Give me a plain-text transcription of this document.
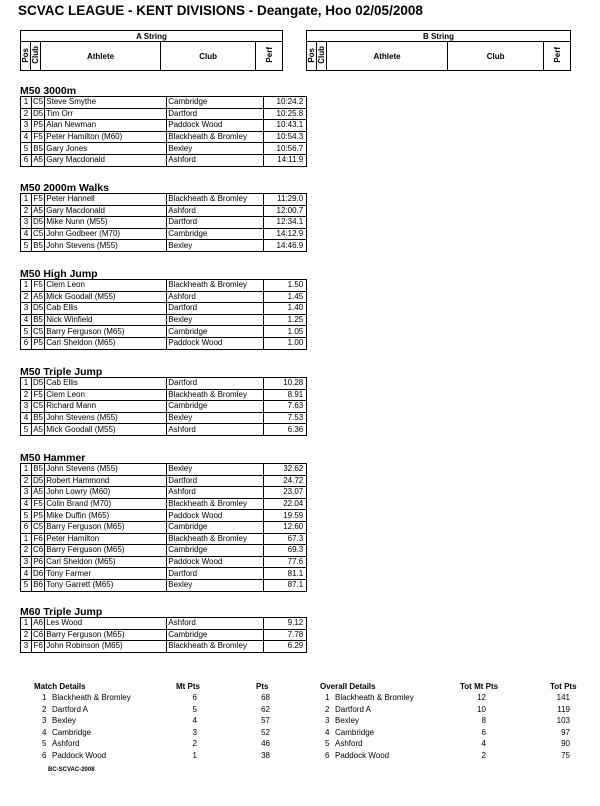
SCVAC LEAGUE - KENT DIVISIONS - Deangate, Hoo 02/05/2008
A String
Pos	Club	Athlete	Club	Perf
B String
Pos	Club	Athlete	Club	Perf
M50 3000m
1	C5	Steve Smythe	Cambridge	10:24.2
2	D5	Tim Orr	Dartford	10:25.8
3	P5	Alan Newman	Paddock Wood	10:43.1
4	F5	Peter Hamilton (M60)	Blackheath & Bromley	10:54.3
5	B5	Gary Jones	Bexley	10:56.7
6	A5	Gary Macdonald	Ashford	14:11.9
M50 2000m Walks
1	F5	Peter Hannell	Blackheath & Bromley	11:29.0
2	A5	Gary Macdonald	Ashford	12:00.7
3	D5	Mike Nunn (M55)	Dartford	12:34.1
4	C5	John Godbeer (M70)	Cambridge	14:12.9
5	B5	John Stevens (M55)	Bexley	14:46.9
M50 High Jump
1	F5	Clem Leon	Blackheath & Bromley	1.50
2	A5	Mick Goodall (M55)	Ashford	1.45
3	D5	Cab Ellis	Dartford	1.40
4	B5	Nick Winfield	Bexley	1.25
5	C5	Barry Ferguson (M65)	Cambridge	1.05
6	P5	Carl Sheldon (M65)	Paddock Wood	1.00
M50 Triple Jump
1	D5	Cab Ellis	Dartford	10.28
2	F5	Clem Leon	Blackheath & Bromley	8.91
3	C5	Richard Mann	Cambridge	7.63
4	B5	John Stevens (M55)	Bexley	7.53
5	A5	Mick Goodall (M55)	Ashford	6.36
M50 Hammer
1	B5	John Stevens (M55)	Bexley	32.62
2	D5	Robert Hammond	Dartford	24.72
3	A5	John Lowry (M60)	Ashford	23.07
4	F5	Colin Brand (M70)	Blackheath & Bromley	22.04
5	P5	Mike Duffin (M65)	Paddock Wood	19.59
6	C5	Barry Ferguson (M65)	Cambridge	12.60
1	F6	Peter Hamilton	Blackheath & Bromley	67.3
2	C6	Barry Ferguson (M65)	Cambridge	69.3
3	P6	Carl Sheldon (M65)	Paddock Wood	77.6
4	D6	Tony Farmer	Dartford	81.1
5	B6	Tony Garrett (M65)	Bexley	87.1
M60 Triple Jump
1	A6	Les Wood	Ashford	9.12
2	C6	Barry Ferguson (M65)	Cambridge	7.78
3	F6	John Robinson (M65)	Blackheath & Bromley	6.29
Match Details	Mt Pts	Pts
1 Blackheath & Bromley	6	68
2 Dartford A	5	62
3 Bexley	4	57
4 Cambridge	3	52
5 Ashford	2	46
6 Paddock Wood	1	38
Overall Details	Tot Mt Pts	Tot Pts
1 Blackheath & Bromley	12	141
2 Dartford A	10	119
3 Bexley	8	103
4 Cambridge	6	97
5 Ashford	4	90
6 Paddock Wood	2	75
BC-SCVAC-2008
